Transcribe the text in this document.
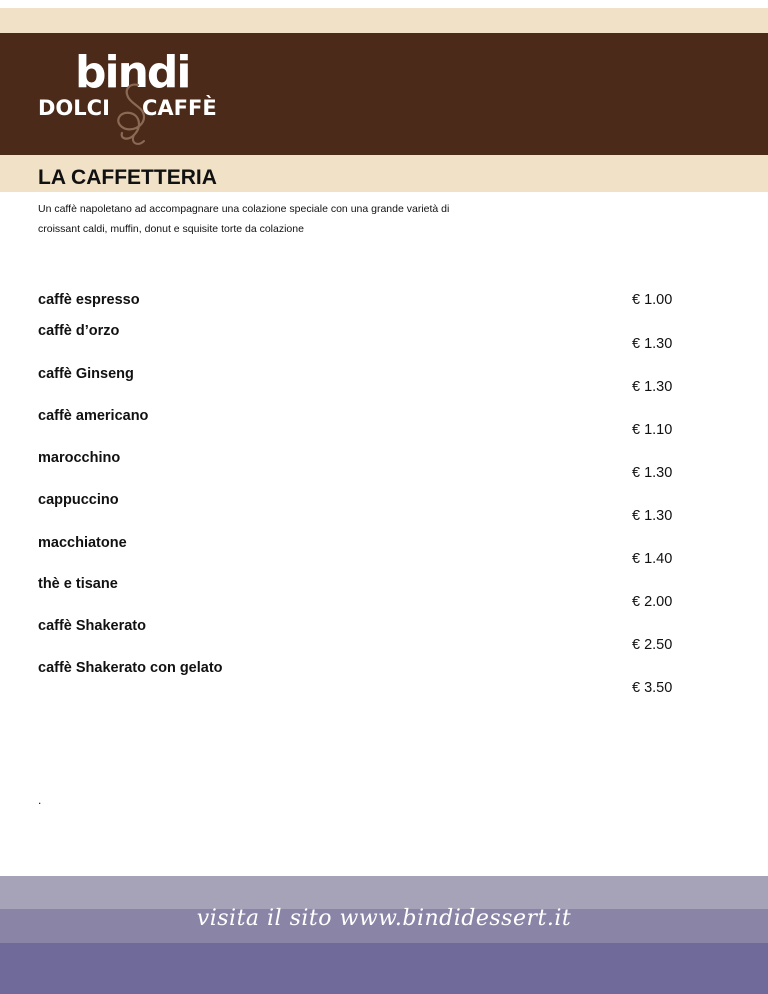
bindi

DOLCI CAFFÈ

LA CAFFETTERIA
Un caffè napoletano ad accompagnare una colazione speciale con una grande varietà di
croissant caldi, muffin, donut e squisite torte da colazione

caffè espresso	€ 1.00

caffè d’orzo

€ 1.30

caffè Ginseng

€ 1.30

caffè americano

€ 1.10

marocchino

€ 1.30

cappuccino

€ 1.30

macchiatone

€ 1.40

thè e tisane

€ 2.00

caffè Shakerato

€ 2.50

caffè Shakerato con gelato

€ 3.50

.

visita il sito www.bindidessert.it
